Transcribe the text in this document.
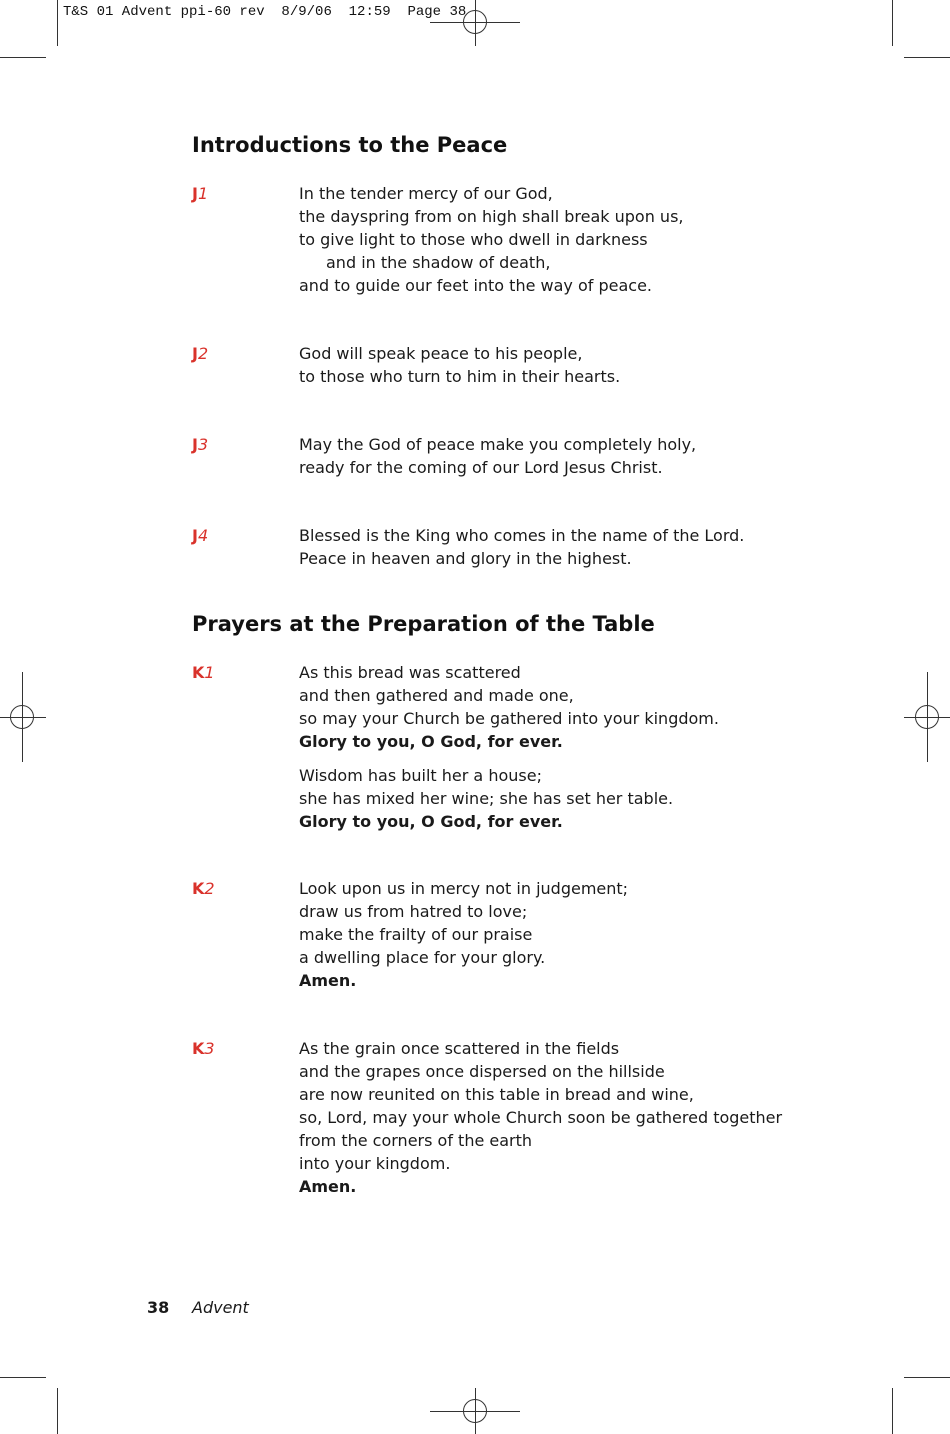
T&S 01 Advent ppi-60 rev  8/9/06  12:59  Page 38
Introductions to the Peace
J1	In the tender mercy of our God,
the dayspring from on high shall break upon us,
to give light to those who dwell in darkness
and in the shadow of death,
and to guide our feet into the way of peace.
J2	God will speak peace to his people,
to those who turn to him in their hearts.
J3	May the God of peace make you completely holy,
ready for the coming of our Lord Jesus Christ.
J4	Blessed is the King who comes in the name of the Lord.
Peace in heaven and glory in the highest.
Prayers at the Preparation of the Table
K1	As this bread was scattered
and then gathered and made one,
so may your Church be gathered into your kingdom.
Glory to you, O God, for ever.
Wisdom has built her a house;
she has mixed her wine; she has set her table.
Glory to you, O God, for ever.
K2	Look upon us in mercy not in judgement;
draw us from hatred to love;
make the frailty of our praise
a dwelling place for your glory.
Amen.
K3	As the grain once scattered in the fields
and the grapes once dispersed on the hillside
are now reunited on this table in bread and wine,
so, Lord, may your whole Church soon be gathered together
from the corners of the earth
into your kingdom.
Amen.
38 Advent
